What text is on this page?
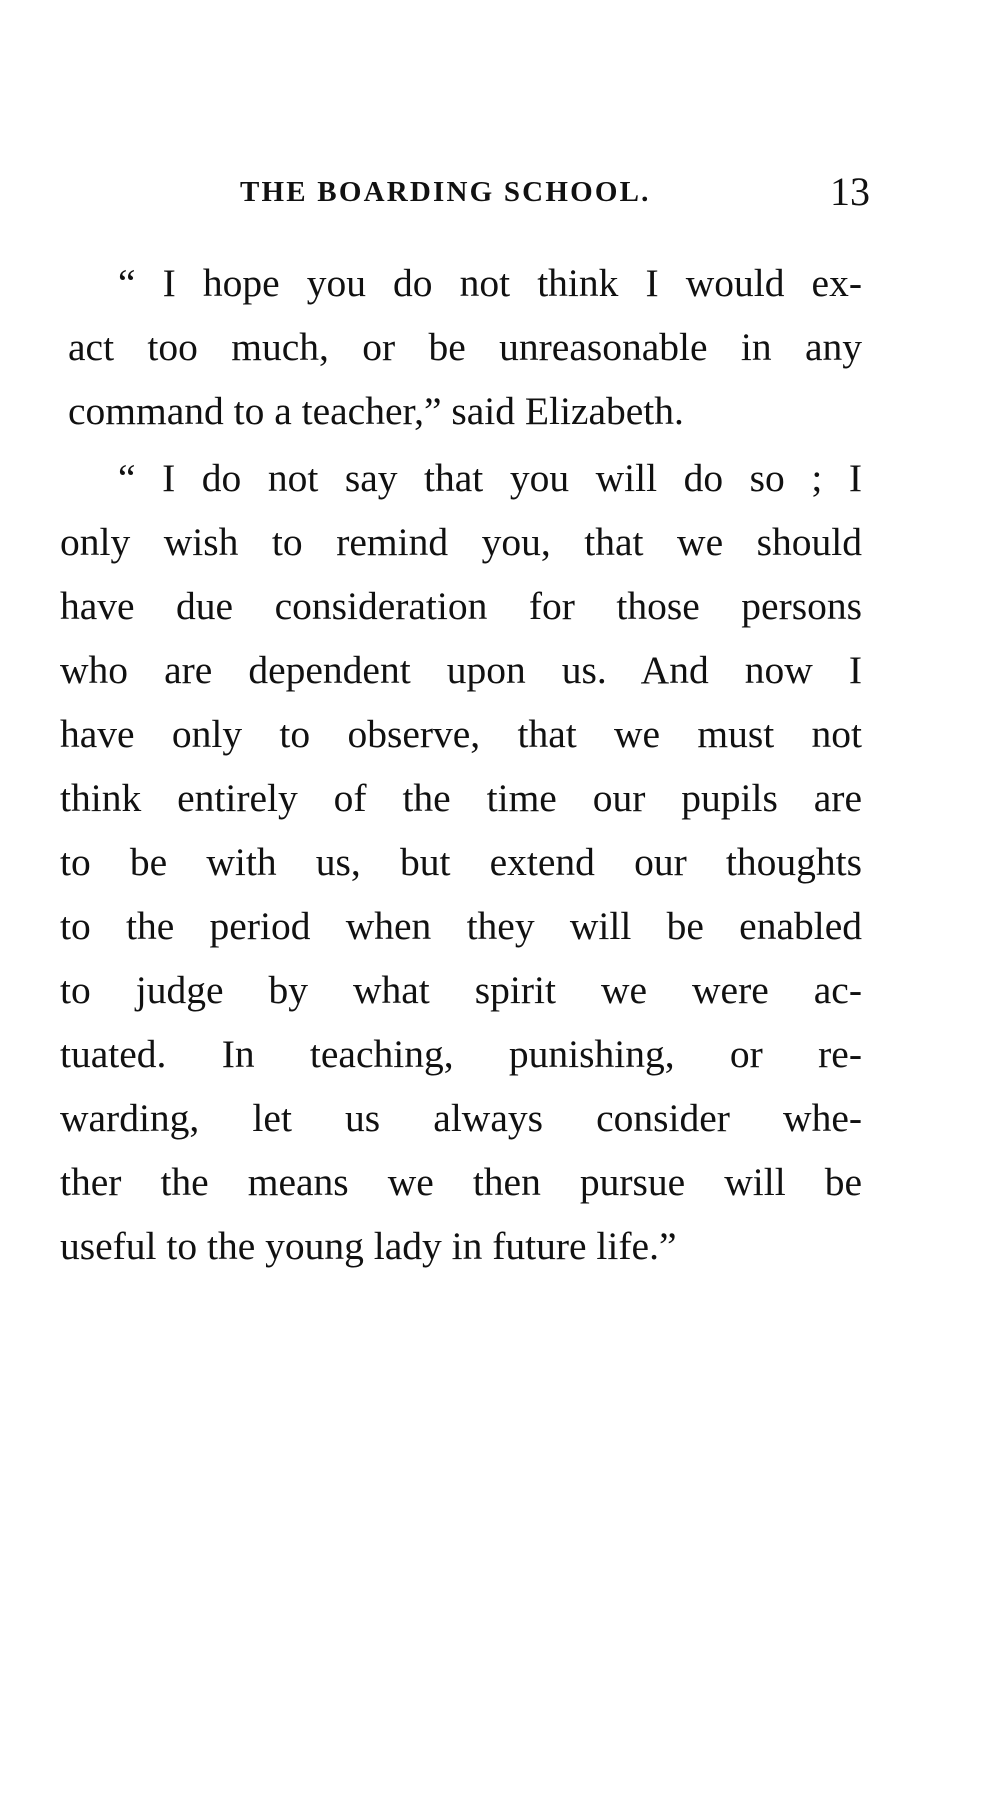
THE BOARDING SCHOOL.	13
“ I hope you do not think I would ex-
act too much, or be unreasonable in any
command to a teacher,” said Elizabeth.
“ I do not say that you will do so ; I
only wish to remind you, that we should
have due consideration for those persons
who are dependent upon us. And now I
have only to observe, that we must not
think entirely of the time our pupils are
to be with us, but extend our thoughts
to the period when they will be enabled
to judge by what spirit we were ac-
tuated. In teaching, punishing, or re-
warding, let us always consider whe-
ther the means we then pursue will be
useful to the young lady in future life.”
